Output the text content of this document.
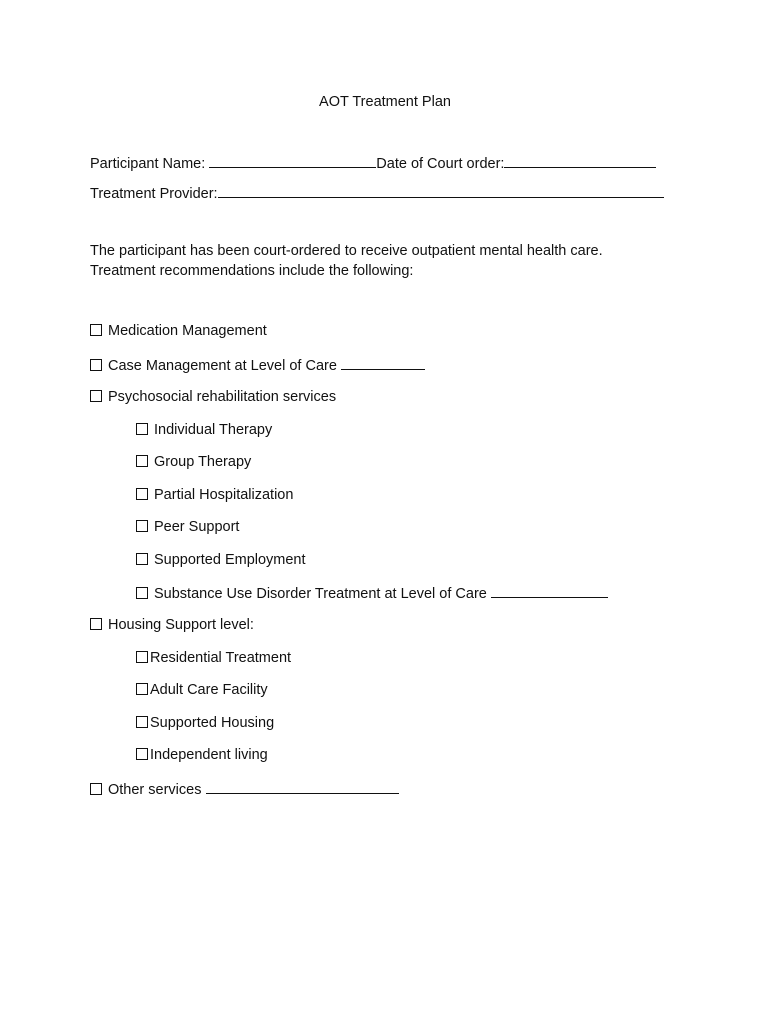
AOT Treatment Plan
Participant Name:	Date of Court order:
Treatment Provider:
The participant has been court-ordered to receive outpatient mental health care.
Treatment recommendations include the following:
Medication Management
Case Management at Level of Care
Psychosocial rehabilitation services
Individual Therapy
Group Therapy
Partial Hospitalization
Peer Support
Supported Employment
Substance Use Disorder Treatment at Level of Care
Housing Support level:
Residential Treatment
Adult Care Facility
Supported Housing
Independent living
Other services
